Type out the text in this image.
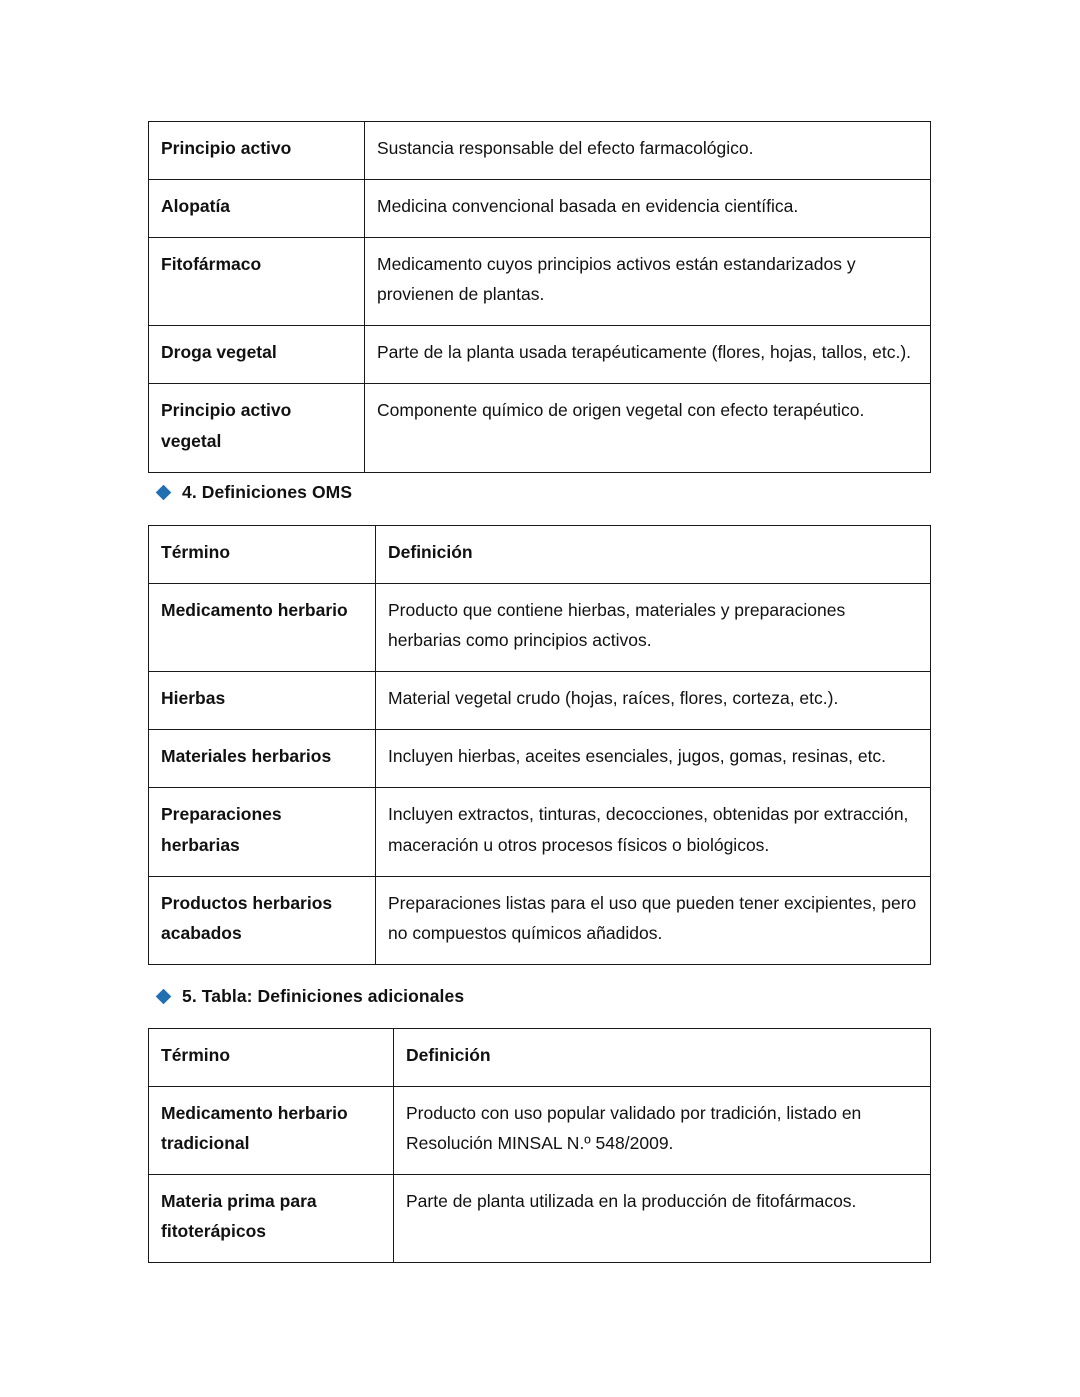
Principio activo	Sustancia responsable del efecto farmacológico.
Alopatía	Medicina convencional basada en evidencia científica.
Fitofármaco	Medicamento cuyos principios activos están estandarizados y provienen de plantas.
Droga vegetal	Parte de la planta usada terapéuticamente (flores, hojas, tallos, etc.).
Principio activo vegetal	Componente químico de origen vegetal con efecto terapéutico.
4. Definiciones OMS
Término	Definición
Medicamento herbario	Producto que contiene hierbas, materiales y preparaciones herbarias como principios activos.
Hierbas	Material vegetal crudo (hojas, raíces, flores, corteza, etc.).
Materiales herbarios	Incluyen hierbas, aceites esenciales, jugos, gomas, resinas, etc.
Preparaciones herbarias	Incluyen extractos, tinturas, decocciones, obtenidas por extracción, maceración u otros procesos físicos o biológicos.
Productos herbarios acabados	Preparaciones listas para el uso que pueden tener excipientes, pero no compuestos químicos añadidos.
5. Tabla: Definiciones adicionales
Término	Definición
Medicamento herbario tradicional	Producto con uso popular validado por tradición, listado en Resolución MINSAL N.º 548/2009.
Materia prima para fitoterápicos	Parte de planta utilizada en la producción de fitofármacos.
